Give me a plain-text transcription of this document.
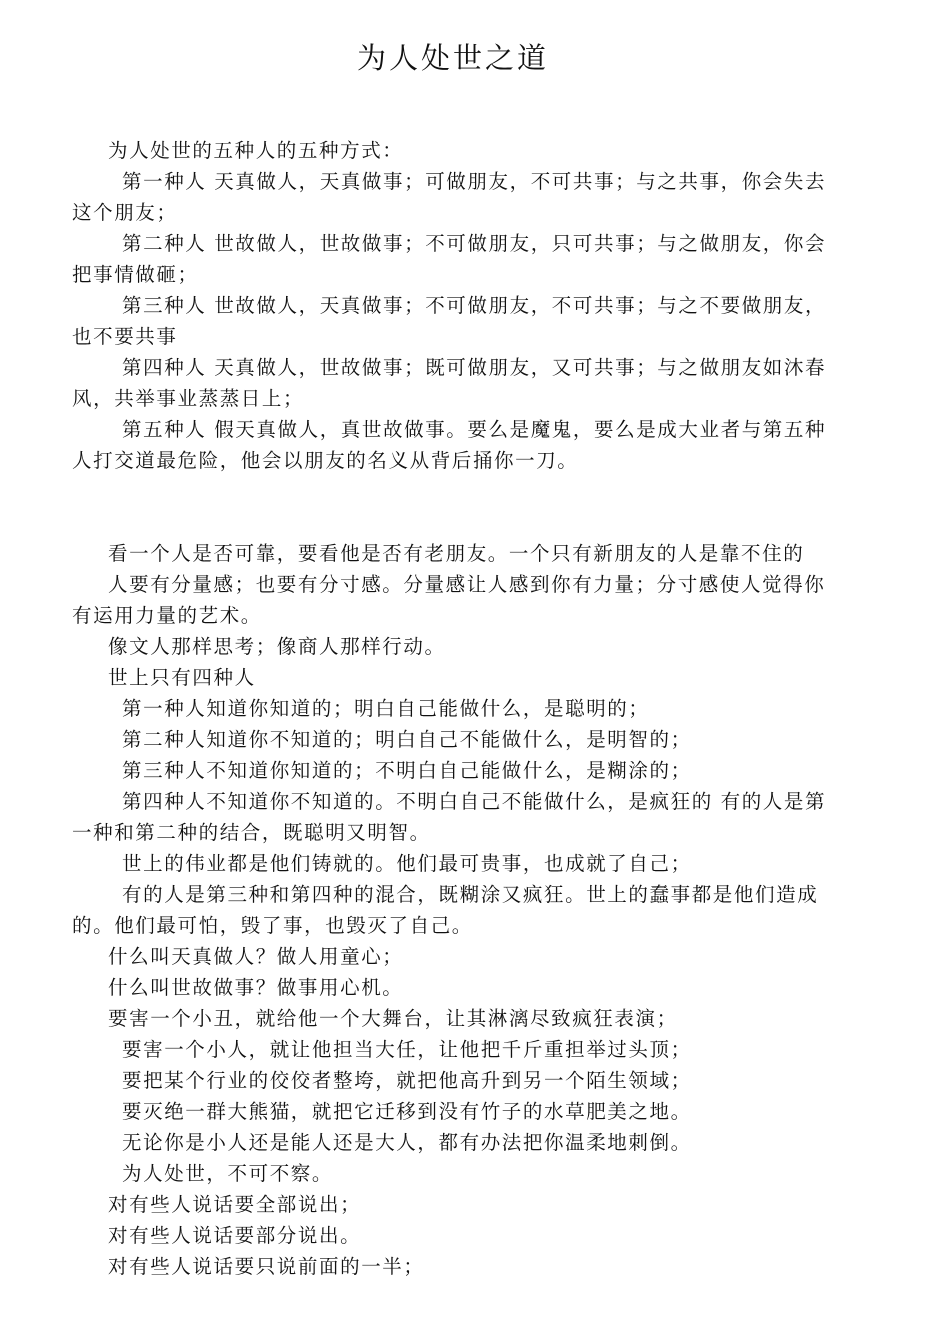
为人处世之道

为人处世的五种人的五种方式：

第一种人 天真做人，天真做事；可做朋友，不可共事；与之共事，你会失去这个朋友；

第二种人 世故做人，世故做事；不可做朋友，只可共事；与之做朋友，你会把事情做砸；

第三种人 世故做人，天真做事；不可做朋友，不可共事；与之不要做朋友，也不要共事

第四种人 天真做人，世故做事；既可做朋友，又可共事；与之做朋友如沐春风，共举事业蒸蒸日上；

第五种人 假天真做人，真世故做事。要么是魔鬼，要么是成大业者与第五种人打交道最危险，他会以朋友的名义从背后捅你一刀。

看一个人是否可靠，要看他是否有老朋友。一个只有新朋友的人是靠不住的

人要有分量感；也要有分寸感。分量感让人感到你有力量；分寸感使人觉得你有运用力量的艺术。

像文人那样思考；像商人那样行动。

世上只有四种人

第一种人知道你知道的；明白自己能做什么，是聪明的；

第二种人知道你不知道的；明白自己不能做什么，是明智的；

第三种人不知道你知道的；不明白自己能做什么，是糊涂的；

第四种人不知道你不知道的。不明白自己不能做什么，是疯狂的 有的人是第一种和第二种的结合，既聪明又明智。

世上的伟业都是他们铸就的。他们最可贵事，也成就了自己；

有的人是第三种和第四种的混合，既糊涂又疯狂。世上的蠢事都是他们造成的。他们最可怕，毁了事，也毁灭了自己。

什么叫天真做人？做人用童心；

什么叫世故做事？做事用心机。

要害一个小丑，就给他一个大舞台，让其淋漓尽致疯狂表演；

要害一个小人，就让他担当大任，让他把千斤重担举过头顶；

要把某个行业的佼佼者整垮，就把他高升到另一个陌生领域；

要灭绝一群大熊猫，就把它迁移到没有竹子的水草肥美之地。

无论你是小人还是能人还是大人，都有办法把你温柔地刺倒。

为人处世，不可不察。

对有些人说话要全部说出；

对有些人说话要部分说出。

对有些人说话要只说前面的一半；
